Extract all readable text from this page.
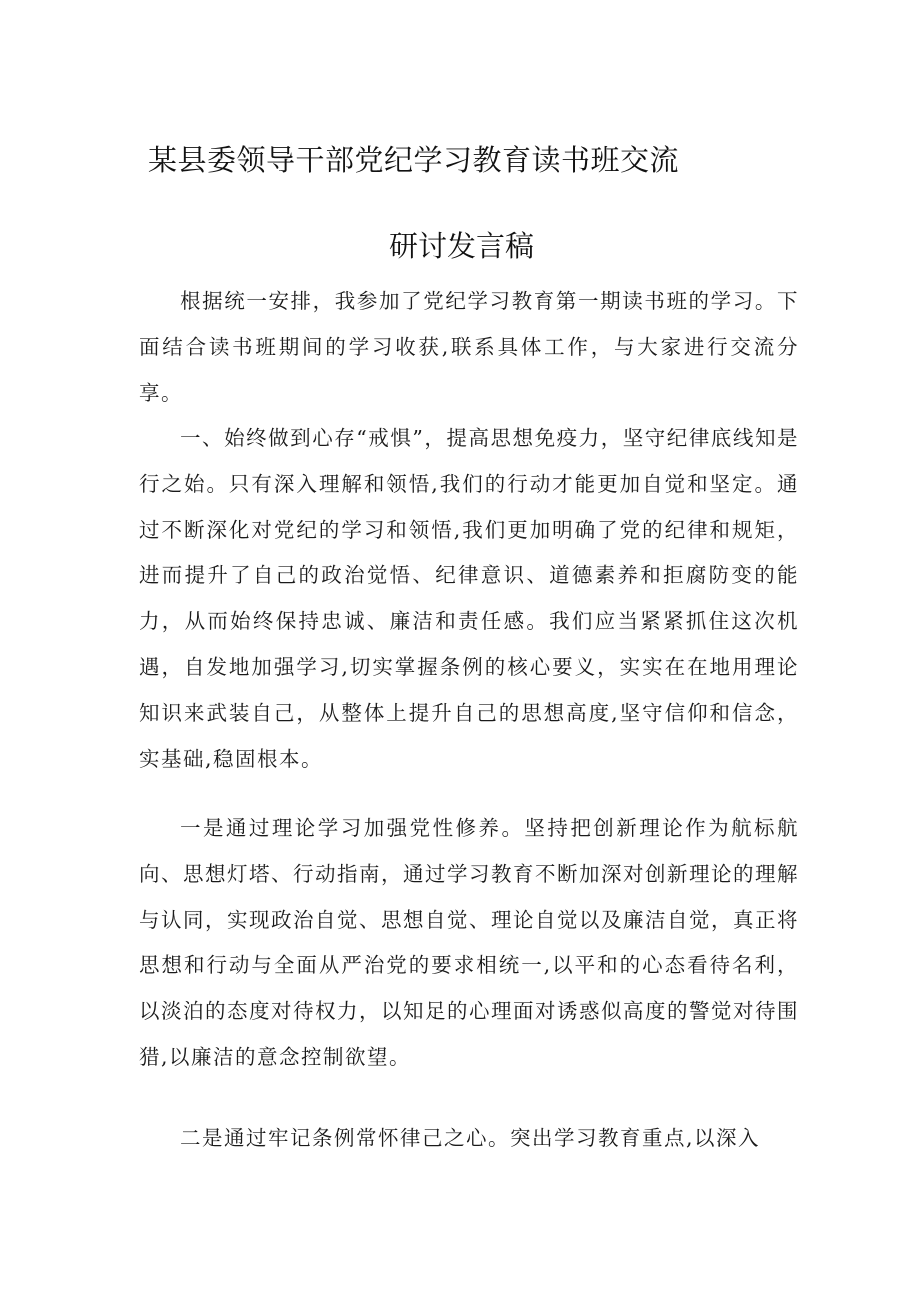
某县委领导干部党纪学习教育读书班交流
研讨发言稿

根据统一安排，我参加了党纪学习教育第一期读书班的学习。下面结合读书班期间的学习收获,联系具体工作，与大家进行交流分享。

一、始终做到心存“戒惧”，提高思想免疫力，坚守纪律底线知是行之始。只有深入理解和领悟,我们的行动才能更加自觉和坚定。通过不断深化对党纪的学习和领悟,我们更加明确了党的纪律和规矩，进而提升了自己的政治觉悟、纪律意识、道德素养和拒腐防变的能力，从而始终保持忠诚、廉洁和责任感。我们应当紧紧抓住这次机遇，自发地加强学习,切实掌握条例的核心要义，实实在在地用理论知识来武装自己，从整体上提升自己的思想高度,坚守信仰和信念，实基础,稳固根本。

一是通过理论学习加强党性修养。坚持把创新理论作为航标航向、思想灯塔、行动指南，通过学习教育不断加深对创新理论的理解与认同，实现政治自觉、思想自觉、理论自觉以及廉洁自觉，真正将思想和行动与全面从严治党的要求相统一,以平和的心态看待名利，以淡泊的态度对待权力，以知足的心理面对诱惑似高度的警觉对待围猎,以廉洁的意念控制欲望。

二是通过牢记条例常怀律己之心。突出学习教育重点,以深入
